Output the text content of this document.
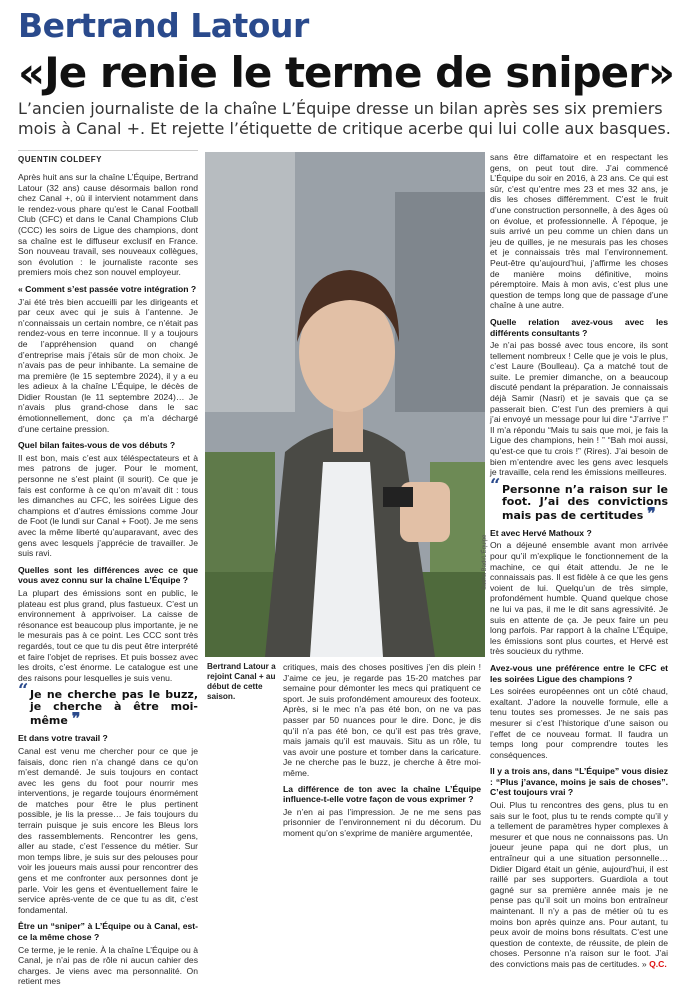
Bertrand Latour
«Je renie le terme de sniper»
L’ancien journaliste de la chaîne L’Équipe dresse un bilan après ses six premiers mois à Canal +. Et rejette l’étiquette de critique acerbe qui lui colle aux basques.
QUENTIN COLDEFY

Après huit ans sur la chaîne L’Équipe, Bertrand Latour (32 ans) cause désormais ballon rond chez Canal +, où il intervient notamment dans le rendez-vous phare qu’est le Canal Football Club (CFC) et dans le Canal Champions Club (CCC) les soirs de Ligue des champions, dont sa chaîne est le diffuseur exclusif en France. Son nouveau travail, ses nouveaux collègues, son évolution : le journaliste raconte ses premiers mois chez son nouvel employeur.

« Comment s’est passée votre intégration ?

J’ai été très bien accueilli par les dirigeants et par ceux avec qui je suis à l’antenne. Je n’connaissais un certain nombre, ce n’était pas rendez-vous en terre inconnue. Il y a toujours de l’appréhension quand on changé d’entreprise mais j’étais sûr de mon choix. Je n’avais pas de peur inhibante. La semaine de ma première (le 15 septembre 2024), il y a eu les adieux à la chaîne L’Équipe, le décès de Didier Roustan (le 11 septembre 2024)… Je n’avais plus grand-chose dans le sac émotionnellement, donc ça m’a déchargé d’une certaine pression.

Quel bilan faites-vous de vos débuts ?

Il est bon, mais c’est aux téléspectateurs et à mes patrons de juger. Pour le moment, personne ne s’est plaint (il sourit). Ce que je fais est conforme à ce qu’on m’avait dit : tous les dimanches au CFC, les soirées Ligue des champions et d’autres émissions comme Jour de Foot (le lundi sur Canal + Foot). Je me sens avec la même liberté qu’auparavant, avec des gens avec lesquels j’apprécie de travailler. Je suis ravi.

Quelles sont les différences avec ce que vous avez connu sur la chaîne L’Équipe ?

La plupart des émissions sont en public, le plateau est plus grand, plus fastueux. C’est un environnement à apprivoiser. La caisse de résonance est beaucoup plus importante, je ne le mesurais pas à ce point. Les CCC sont très regardés, tout ce que tu dis peut être interprété et faire l’objet de reprises. Et puis bossez avec les droits, c’est énorme. Le catalogue est une des raisons pour lesquelles je suis venu.

“ Je ne cherche pas le buzz, je cherche à être moi-même ❞
Et dans votre travail ?

Canal est venu me chercher pour ce que je faisais, donc rien n’a changé dans ce qu’on m’est demandé. Je suis toujours en contact avec les gens du foot pour nourrir mes interventions, je regarde toujours énormément de matches pour être le plus pertinent possible, je lis la presse… Je fais toujours du terrain puisque je suis encore les Bleus lors des rassemblements. Rencontrer les gens, aller au stade, c’est l’essence du métier. Sur mon temps libre, je suis sur des pelouses pour voir les joueurs mais aussi pour rencontrer des gens et me confronter aux personnes dont je parle. Voir les gens et éventuellement faire le service après-vente de ce que tu as dit, c’est fondamental.

Être un “sniper” à L’Équipe ou à Canal, est-ce la même chose ?

Ce terme, je le renie. À la chaîne L’Équipe ou à Canal, je n’ai pas de rôle ni aucun cahier des charges. Je viens avec ma personnalité. On retient mes

Sasha Badi/L’Équipe
Bertrand Latour a rejoint Canal + au début de cette saison.

critiques, mais des choses positives j’en dis plein ! J’aime ce jeu, je regarde pas 15-20 matches par semaine pour démonter les mecs qui pratiquent ce sport. Je suis profondément amoureux des footeux. Après, si le mec n’a pas été bon, on ne va pas passer par 50 nuances pour le dire. Donc, je dis qu’il n’a pas été bon, ce qu’il est pas très grave, mais jamais qu’il est mauvais. Situ as un rôle, tu vas avoir une posture et tomber dans la caricature. Je ne cherche pas le buzz, je cherche à être moi-même.

La différence de ton avec la chaîne L’Équipe influence-t-elle votre façon de vous exprimer ?

Je n’en ai pas l’impression. Je ne me sens pas prisonnier de l’environnement ni du décorum. Du moment qu’on s’exprime de manière argumentée,

sans être diffamatoire et en respectant les gens, on peut tout dire. J’ai commencé L’Équipe du soir en 2016, à 23 ans. Ce qui est sûr, c’est qu’entre mes 23 et mes 32 ans, je dis les choses différemment. C’est le fruit d’une construction personnelle, à des âges où on évolue, et professionnelle. À l’époque, je suis arrivé un peu comme un chien dans un jeu de quilles, je ne mesurais pas les choses et je connaissais très mal l’environnement. Peut-être qu’aujourd’hui, j’affirme les choses de manière moins définitive, moins péremptoire. Mais à mon avis, c’est plus une question de temps long que de passage d’une chaîne à une autre.

Quelle relation avez-vous avec les différents consultants ?

Je n’ai pas bossé avec tous encore, ils sont tellement nombreux ! Celle que je vois le plus, c’est Laure (Boulleau). Ça a matché tout de suite. Le premier dimanche, on a beaucoup discuté pendant la préparation. Je connaissais déjà Samir (Nasri) et je savais que ça se passerait bien. C’est l’un des premiers à qui j’ai envoyé un message pour lui dire “J’arrive !” Il m’a répondu “Mais tu sais que moi, je fais la Ligue des champions, hein ! ” “Bah moi aussi, qu’est-ce que tu crois !” (Rires). J’ai besoin de bien m’entendre avec les gens avec lesquels je travaille, cela rend les émissions meilleures.

“ Personne n’a raison sur le foot. J’ai des convictions mais pas de certitudes ❞
Et avec Hervé Mathoux ?

On a déjeuné ensemble avant mon arrivée pour qu’il m’explique le fonctionnement de la machine, ce qui était attendu. Je ne le connaissais pas. Il est fidèle à ce que les gens voient de lui. Quelqu’un de très simple, profondément humble. Quand quelque chose ne lui va pas, il me le dit sans agressivité. Je suis en attente de ça. Je peux faire un peu long parfois. Par rapport à la chaîne L’Équipe, les émissions sont plus courtes, et Hervé est très soucieux du rythme.

Avez-vous une préférence entre le CFC et les soirées Ligue des champions ?

Les soirées européennes ont un côté chaud, exaltant. J’adore la nouvelle formule, elle a tenu toutes ses promesses. Je ne sais pas mesurer si c’est l’historique d’une saison ou l’effet de ce nouveau format. Il faudra un temps long pour comprendre toutes les conséquences.

Il y a trois ans, dans “L’Équipe” vous disiez : “Plus j’avance, moins je sais de choses”. C’est toujours vrai ?

Oui. Plus tu rencontres des gens, plus tu en sais sur le foot, plus tu te rends compte qu’il y a tellement de paramètres hyper complexes à mesurer et que nous ne connaissons pas. Un joueur jeune papa qui ne dort plus, un entraîneur qui a une situation personnelle… Didier Digard était un génie, aujourd’hui, il est raillé par ses supporters. Guardiola a tout gagné sur sa première année mais je ne pense pas qu’il soit un moins bon entraîneur maintenant. Il n’y a pas de métier où tu es moins bon après quinze ans. Pour autant, tu peux avoir de moins bons résultats. C’est une question de contexte, de réussite, de plein de choses. Personne n’a raison sur le foot. J’ai des convictions mais pas de certitudes. » Q.C.
